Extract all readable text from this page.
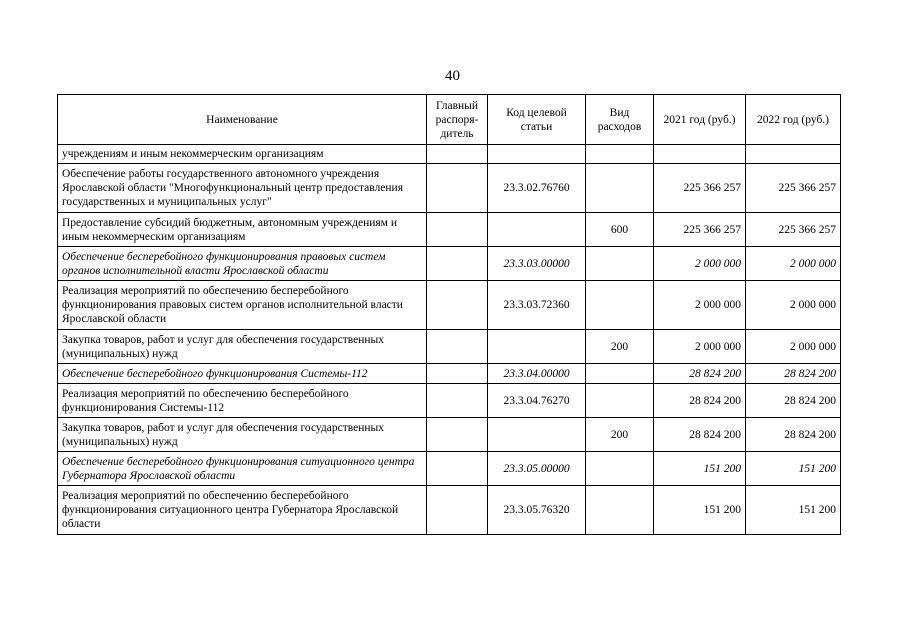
40
Наименование	Главный распоря-дитель	Код целевой статьи	Вид расходов	2021 год (руб.)	2022 год (руб.)
учреждениям и иным некоммерческим организациям					
Обеспечение работы государственного автономного учреждения Ярославской области "Многофункциональный центр предоставления государственных и муниципальных услуг"		23.3.02.76760		225 366 257	225 366 257
Предоставление субсидий бюджетным, автономным учреждениям и иным некоммерческим организациям			600	225 366 257	225 366 257
Обеспечение бесперебойного функционирования правовых систем органов исполнительной власти Ярославской области		23.3.03.00000		2 000 000	2 000 000
Реализация мероприятий по обеспечению бесперебойного функционирования правовых систем органов исполнительной власти Ярославской области		23.3.03.72360		2 000 000	2 000 000
Закупка товаров, работ и услуг для обеспечения государственных (муниципальных) нужд			200	2 000 000	2 000 000
Обеспечение бесперебойного функционирования Системы-112		23.3.04.00000		28 824 200	28 824 200
Реализация мероприятий по обеспечению бесперебойного функционирования Системы-112		23.3.04.76270		28 824 200	28 824 200
Закупка товаров, работ и услуг для обеспечения государственных (муниципальных) нужд			200	28 824 200	28 824 200
Обеспечение бесперебойного функционирования ситуационного центра Губернатора Ярославской области		23.3.05.00000		151 200	151 200
Реализация мероприятий по обеспечению бесперебойного функционирования ситуационного центра Губернатора Ярославской области		23.3.05.76320		151 200	151 200
